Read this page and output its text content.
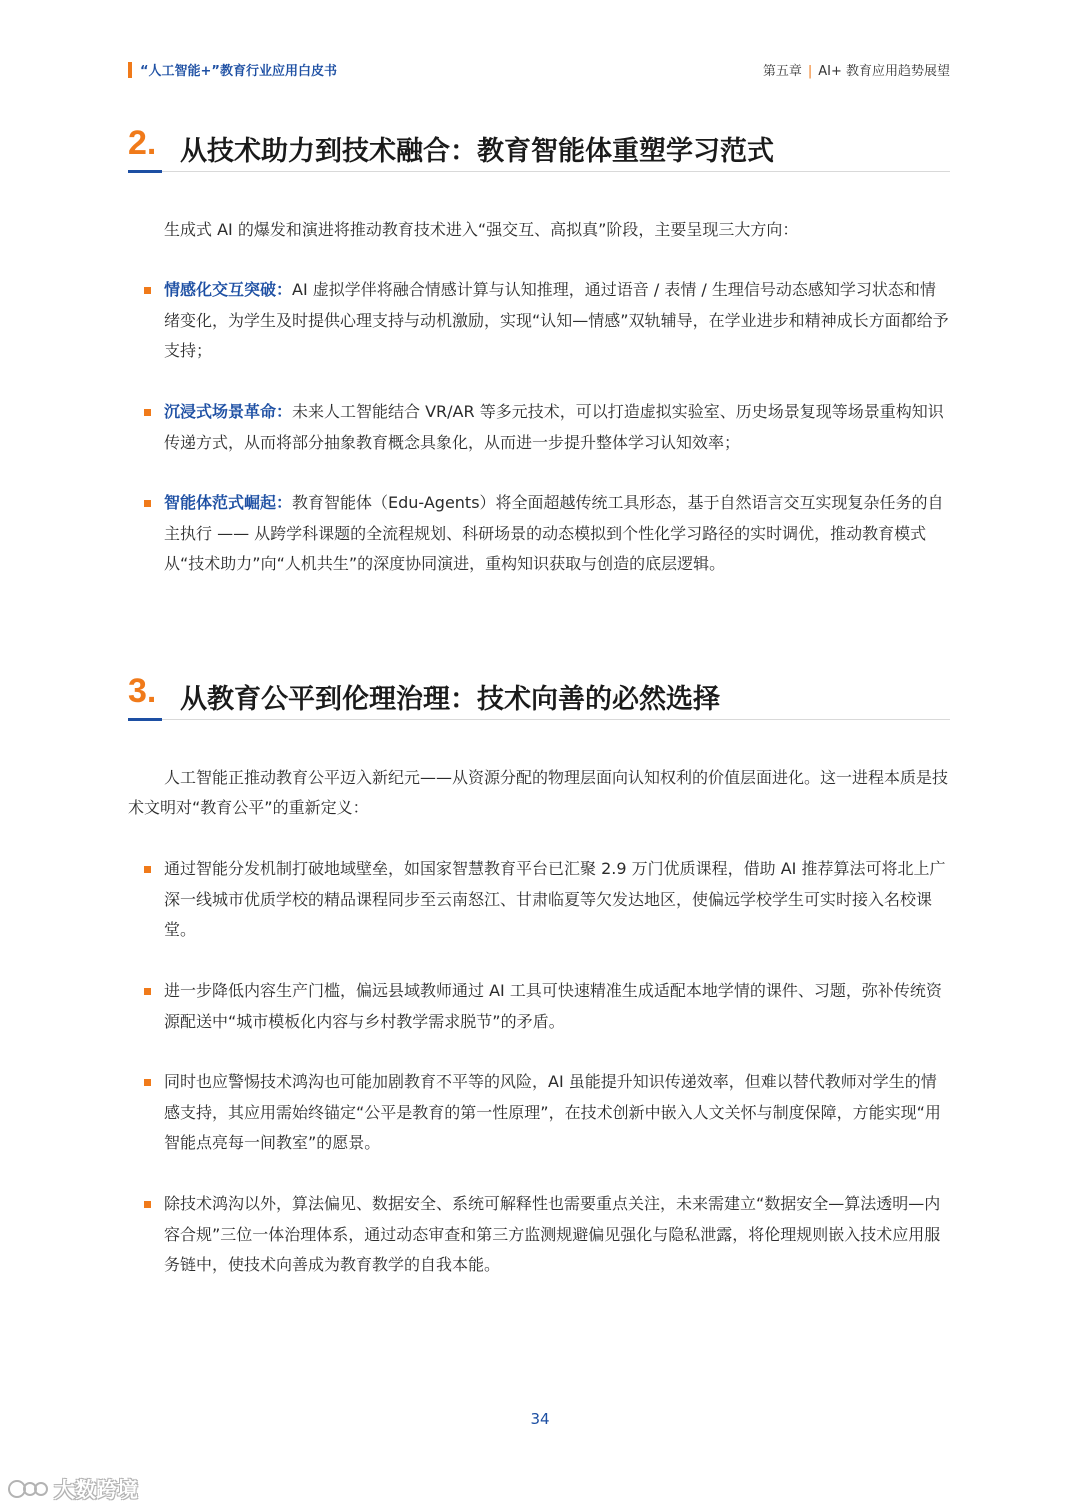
“人工智能+”教育行业应用白皮书	第五章 | AI+ 教育应用趋势展望
2. 从技术助力到技术融合：教育智能体重塑学习范式
生成式 AI 的爆发和演进将推动教育技术进入“强交互、高拟真”阶段，主要呈现三大方向：
情感化交互突破：AI 虚拟学伴将融合情感计算与认知推理，通过语音 / 表情 / 生理信号动态感知学习状态和情绪变化，为学生及时提供心理支持与动机激励，实现“认知—情感”双轨辅导，在学业进步和精神成长方面都给予支持；
沉浸式场景革命：未来人工智能结合 VR/AR 等多元技术，可以打造虚拟实验室、历史场景复现等场景重构知识传递方式，从而将部分抽象教育概念具象化，从而进一步提升整体学习认知效率；
智能体范式崛起：教育智能体（Edu-Agents）将全面超越传统工具形态，基于自然语言交互实现复杂任务的自主执行 —— 从跨学科课题的全流程规划、科研场景的动态模拟到个性化学习路径的实时调优，推动教育模式从“技术助力”向“人机共生”的深度协同演进，重构知识获取与创造的底层逻辑。
3. 从教育公平到伦理治理：技术向善的必然选择
人工智能正推动教育公平迈入新纪元——从资源分配的物理层面向认知权利的价值层面进化。这一进程本质是技术文明对“教育公平”的重新定义：
通过智能分发机制打破地域壁垒，如国家智慧教育平台已汇聚 2.9 万门优质课程，借助 AI 推荐算法可将北上广深一线城市优质学校的精品课程同步至云南怒江、甘肃临夏等欠发达地区，使偏远学校学生可实时接入名校课堂。
进一步降低内容生产门槛，偏远县域教师通过 AI 工具可快速精准生成适配本地学情的课件、习题，弥补传统资源配送中“城市模板化内容与乡村教学需求脱节”的矛盾。
同时也应警惕技术鸿沟也可能加剧教育不平等的风险，AI 虽能提升知识传递效率，但难以替代教师对学生的情感支持，其应用需始终锚定“公平是教育的第一性原理”，在技术创新中嵌入人文关怀与制度保障，方能实现“用智能点亮每一间教室”的愿景。
除技术鸿沟以外，算法偏见、数据安全、系统可解释性也需要重点关注，未来需建立“数据安全—算法透明—内容合规”三位一体治理体系，通过动态审查和第三方监测规避偏见强化与隐私泄露，将伦理规则嵌入技术应用服务链中，使技术向善成为教育教学的自我本能。
34
大数跨境
